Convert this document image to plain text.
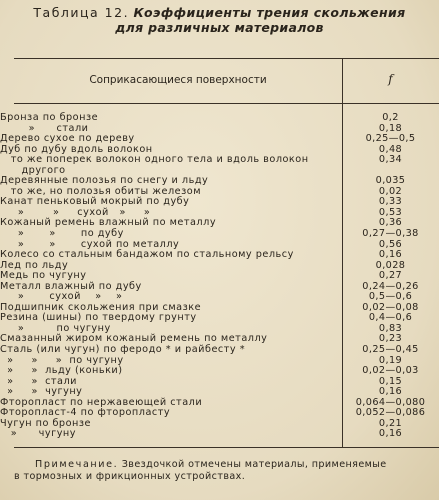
Таблица 12. Коэффициенты трения скольжения
для различных материалов
Соприкасающиеся поверхности	f
Бронза по бронзе	0,2
»      стали	0,18
Дерево сухое по дереву	0,25—0,5
Дуб по дубу вдоль волокон	0,48
то же поперек волокон одного тела и вдоль волокон	0,34
другого
Деревянные полозья по снегу и льду	0,035
то же, но полозья обиты железом	0,02
Канат пеньковый мокрый по дубу	0,33
»        »     сухой   »     »	0,53
Кожаный ремень влажный по металлу	0,36
»       »       по дубу	0,27—0,38
»       »       сухой по металлу	0,56
Колесо со стальным бандажом по стальному рельсу	0,16
Лед по льду	0,028
Медь по чугуну	0,27
Металл влажный по дубу	0,24—0,26
»       сухой    »    »	0,5—0,6
Подшипник скольжения при смазке	0,02—0,08
Резина (шины) по твердому грунту	0,4—0,6
»         по чугуну	0,83
Смазанный жиром кожаный ремень по металлу	0,23
Сталь (или чугун) по феродо * и райбесту *	0,25—0,45
»     »     »  по чугуну	0,19
»     »  льду (коньки)	0,02—0,03
»     »  стали	0,15
»     »  чугуну	0,16
Фторопласт по нержавеющей стали	0,064—0,080
Фторопласт-4 по фторопласту	0,052—0,086
Чугун по бронзе	0,21
»      чугуну	0,16
Примечание. Звездочкой отмечены материалы, применяемые
в тормозных и фрикционных устройствах.
